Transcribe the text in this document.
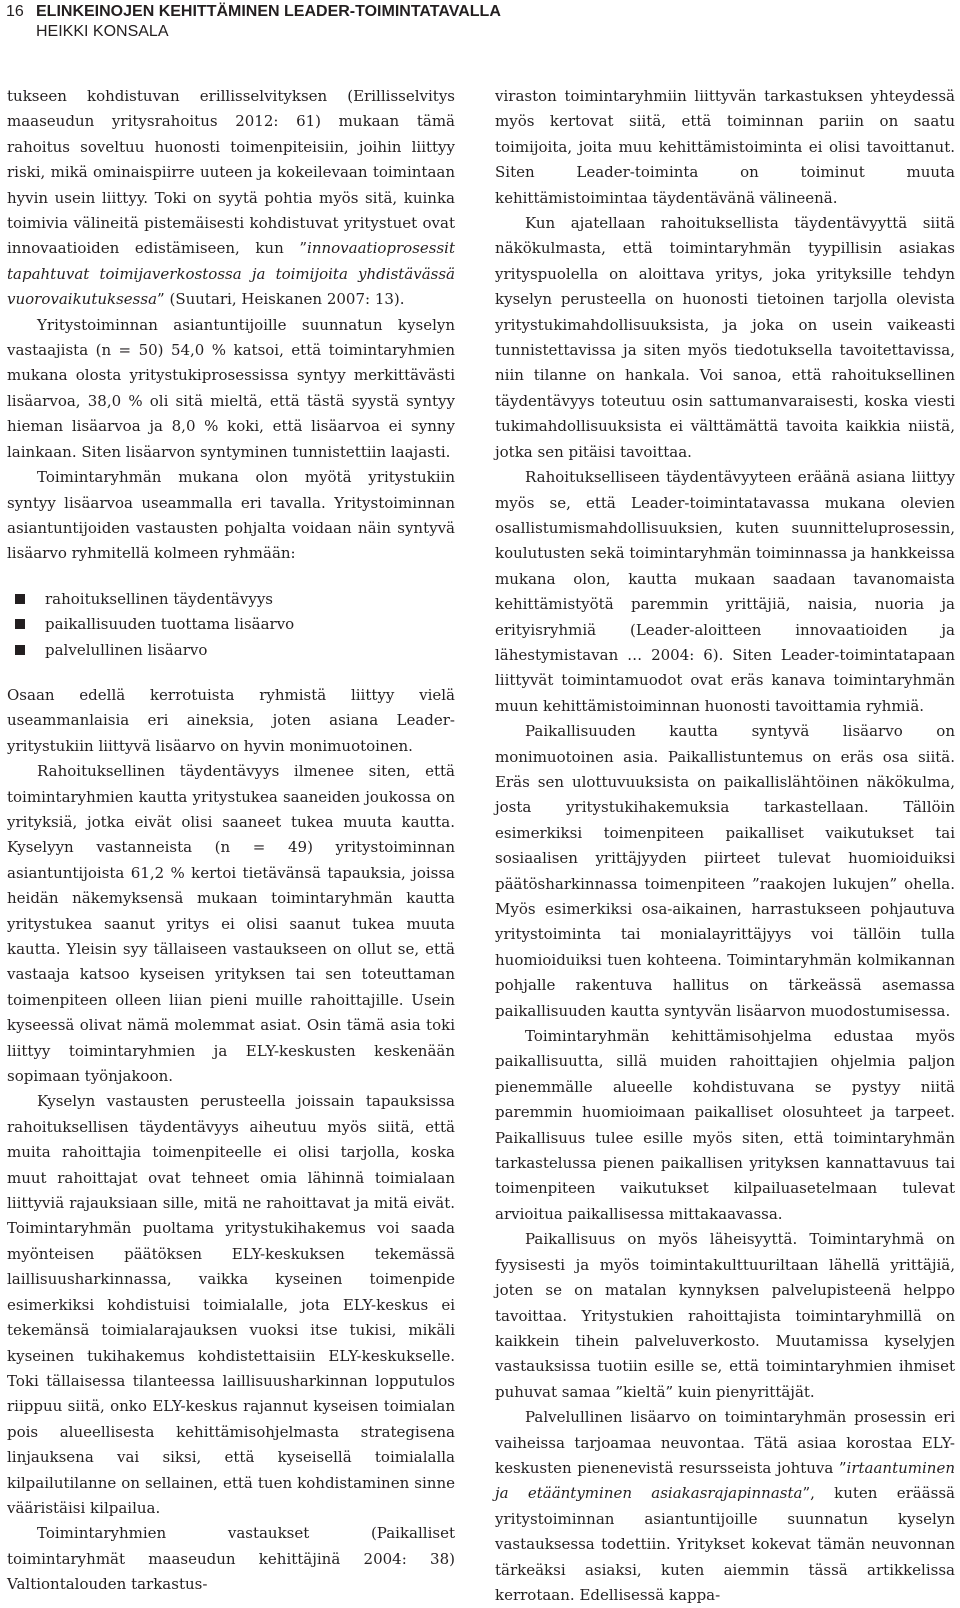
16 ELINKEINOJEN KEHITTÄMINEN LEADER-TOIMINTATAVALLA
HEIKKI KONSALA

tukseen kohdistuvan erillisselvityksen (Erillisselvitys maaseudun yritysrahoitus 2012: 61) mukaan tämä rahoitus soveltuu huonosti toimenpiteisiin, joihin liittyy riski, mikä ominaispiirre uuteen ja kokeilevaan toimintaan hyvin usein liittyy. Toki on syytä pohtia myös sitä, kuinka toimivia välineitä pistemäisesti kohdistuvat yritystuet ovat innovaatioiden edistämiseen, kun ”innovaatioprosessit tapahtuvat toimijaverkostossa ja toimijoita yhdistävässä vuorovaikutuksessa” (Suutari, Heiskanen 2007: 13).

Yritystoiminnan asiantuntijoille suunnatun kyselyn vastaajista (n = 50) 54,0 % katsoi, että toimintaryhmien mukana olosta yritystukiprosessissa syntyy merkittävästi lisäarvoa, 38,0 % oli sitä mieltä, että tästä syystä syntyy hieman lisäarvoa ja 8,0 % koki, että lisäarvoa ei synny lainkaan. Siten lisäarvon syntyminen tunnistettiin laajasti.

Toimintaryhmän mukana olon myötä yritystukiin syntyy lisäarvoa useammalla eri tavalla. Yritystoiminnan asiantuntijoiden vastausten pohjalta voidaan näin syntyvä lisäarvo ryhmitellä kolmeen ryhmään:

rahoituksellinen täydentävyys
paikallisuuden tuottama lisäarvo
palvelullinen lisäarvo

Osaan edellä kerrotuista ryhmistä liittyy vielä useammanlaisia eri aineksia, joten asiana Leader-yritystukiin liittyvä lisäarvo on hyvin monimuotoinen.

Rahoituksellinen täydentävyys ilmenee siten, että toimintaryhmien kautta yritystukea saaneiden joukossa on yrityksiä, jotka eivät olisi saaneet tukea muuta kautta. Kyselyyn vastanneista (n = 49) yritystoiminnan asiantuntijoista 61,2 % kertoi tietävänsä tapauksia, joissa heidän näkemyksensä mukaan toimintaryhmän kautta yritystukea saanut yritys ei olisi saanut tukea muuta kautta. Yleisin syy tällaiseen vastaukseen on ollut se, että vastaaja katsoo kyseisen yrityksen tai sen toteuttaman toimenpiteen olleen liian pieni muille rahoittajille. Usein kyseessä olivat nämä molemmat asiat. Osin tämä asia toki liittyy toimintaryhmien ja ELY-keskusten keskenään sopimaan työnjakoon.

Kyselyn vastausten perusteella joissain tapauksissa rahoituksellisen täydentävyys aiheutuu myös siitä, että muita rahoittajia toimenpiteelle ei olisi tarjolla, koska muut rahoittajat ovat tehneet omia lähinnä toimialaan liittyviä rajauksiaan sille, mitä ne rahoittavat ja mitä eivät. Toimintaryhmän puoltama yritystukihakemus voi saada myönteisen päätöksen ELY-keskuksen tekemässä laillisuusharkinnassa, vaikka kyseinen toimenpide esimerkiksi kohdistuisi toimialalle, jota ELY-keskus ei tekemänsä toimialarajauksen vuoksi itse tukisi, mikäli kyseinen tukihakemus kohdistettaisiin ELY-keskukselle. Toki tällaisessa tilanteessa laillisuusharkinnan lopputulos riippuu siitä, onko ELY-keskus rajannut kyseisen toimialan pois alueellisesta kehittämisohjelmasta strategisena linjauksena vai siksi, että kyseisellä toimialalla kilpailutilanne on sellainen, että tuen kohdistaminen sinne vääristäisi kilpailua.

Toimintaryhmien vastaukset (Paikalliset toimintaryhmät maaseudun kehittäjinä 2004: 38) Valtiontalouden tarkastus-

viraston toimintaryhmiin liittyvän tarkastuksen yhteydessä myös kertovat siitä, että toiminnan pariin on saatu toimijoita, joita muu kehittämistoiminta ei olisi tavoittanut. Siten Leader-toiminta on toiminut muuta kehittämistoimintaa täydentävänä välineenä.

Kun ajatellaan rahoituksellista täydentävyyttä siitä näkökulmasta, että toimintaryhmän tyypillisin asiakas yrityspuolella on aloittava yritys, joka yrityksille tehdyn kyselyn perusteella on huonosti tietoinen tarjolla olevista yritystukimahdollisuuksista, ja joka on usein vaikeasti tunnistettavissa ja siten myös tiedotuksella tavoitettavissa, niin tilanne on hankala. Voi sanoa, että rahoituksellinen täydentävyys toteutuu osin sattumanvaraisesti, koska viesti tukimahdollisuuksista ei välttämättä tavoita kaikkia niistä, jotka sen pitäisi tavoittaa.

Rahoitukselliseen täydentävyyteen eräänä asiana liittyy myös se, että Leader-toimintatavassa mukana olevien osallistumismahdollisuuksien, kuten suunnitteluprosessin, koulutusten sekä toimintaryhmän toiminnassa ja hankkeissa mukana olon, kautta mukaan saadaan tavanomaista kehittämistyötä paremmin yrittäjiä, naisia, nuoria ja erityisryhmiä (Leader-aloitteen innovaatioiden ja lähestymistavan … 2004: 6). Siten Leader-toimintatapaan liittyvät toimintamuodot ovat eräs kanava toimintaryhmän muun kehittämistoiminnan huonosti tavoittamia ryhmiä.

Paikallisuuden kautta syntyvä lisäarvo on monimuotoinen asia. Paikallistuntemus on eräs osa siitä. Eräs sen ulottuvuuksista on paikallislähtöinen näkökulma, josta yritystukihakemuksia tarkastellaan. Tällöin esimerkiksi toimenpiteen paikalliset vaikutukset tai sosiaalisen yrittäjyyden piirteet tulevat huomioiduiksi päätösharkinnassa toimenpiteen ”raakojen lukujen” ohella. Myös esimerkiksi osa-aikainen, harrastukseen pohjautuva yritystoiminta tai monialayrittäjyys voi tällöin tulla huomioiduiksi tuen kohteena. Toimintaryhmän kolmikannan pohjalle rakentuva hallitus on tärkeässä asemassa paikallisuuden kautta syntyvän lisäarvon muodostumisessa.

Toimintaryhmän kehittämisohjelma edustaa myös paikallisuutta, sillä muiden rahoittajien ohjelmia paljon pienemmälle alueelle kohdistuvana se pystyy niitä paremmin huomioimaan paikalliset olosuhteet ja tarpeet. Paikallisuus tulee esille myös siten, että toimintaryhmän tarkastelussa pienen paikallisen yrityksen kannattavuus tai toimenpiteen vaikutukset kilpailuasetelmaan tulevat arvioitua paikallisessa mittakaavassa.

Paikallisuus on myös läheisyyttä. Toimintaryhmä on fyysisesti ja myös toimintakulttuuriltaan lähellä yrittäjiä, joten se on matalan kynnyksen palvelupisteenä helppo tavoittaa. Yritystukien rahoittajista toimintaryhmillä on kaikkein tihein palveluverkosto. Muutamissa kyselyjen vastauksissa tuotiin esille se, että toimintaryhmien ihmiset puhuvat samaa ”kieltä” kuin pienyrittäjät.

Palvelullinen lisäarvo on toimintaryhmän prosessin eri vaiheissa tarjoamaa neuvontaa. Tätä asiaa korostaa ELY-keskusten pienenevistä resursseista johtuva ”irtaantuminen ja etääntyminen asiakasrajapinnasta”, kuten eräässä yritystoiminnan asiantuntijoille suunnatun kyselyn vastauksessa todettiin. Yritykset kokevat tämän neuvonnan tärkeäksi asiaksi, kuten aiemmin tässä artikkelissa kerrotaan. Edellisessä kappa-
